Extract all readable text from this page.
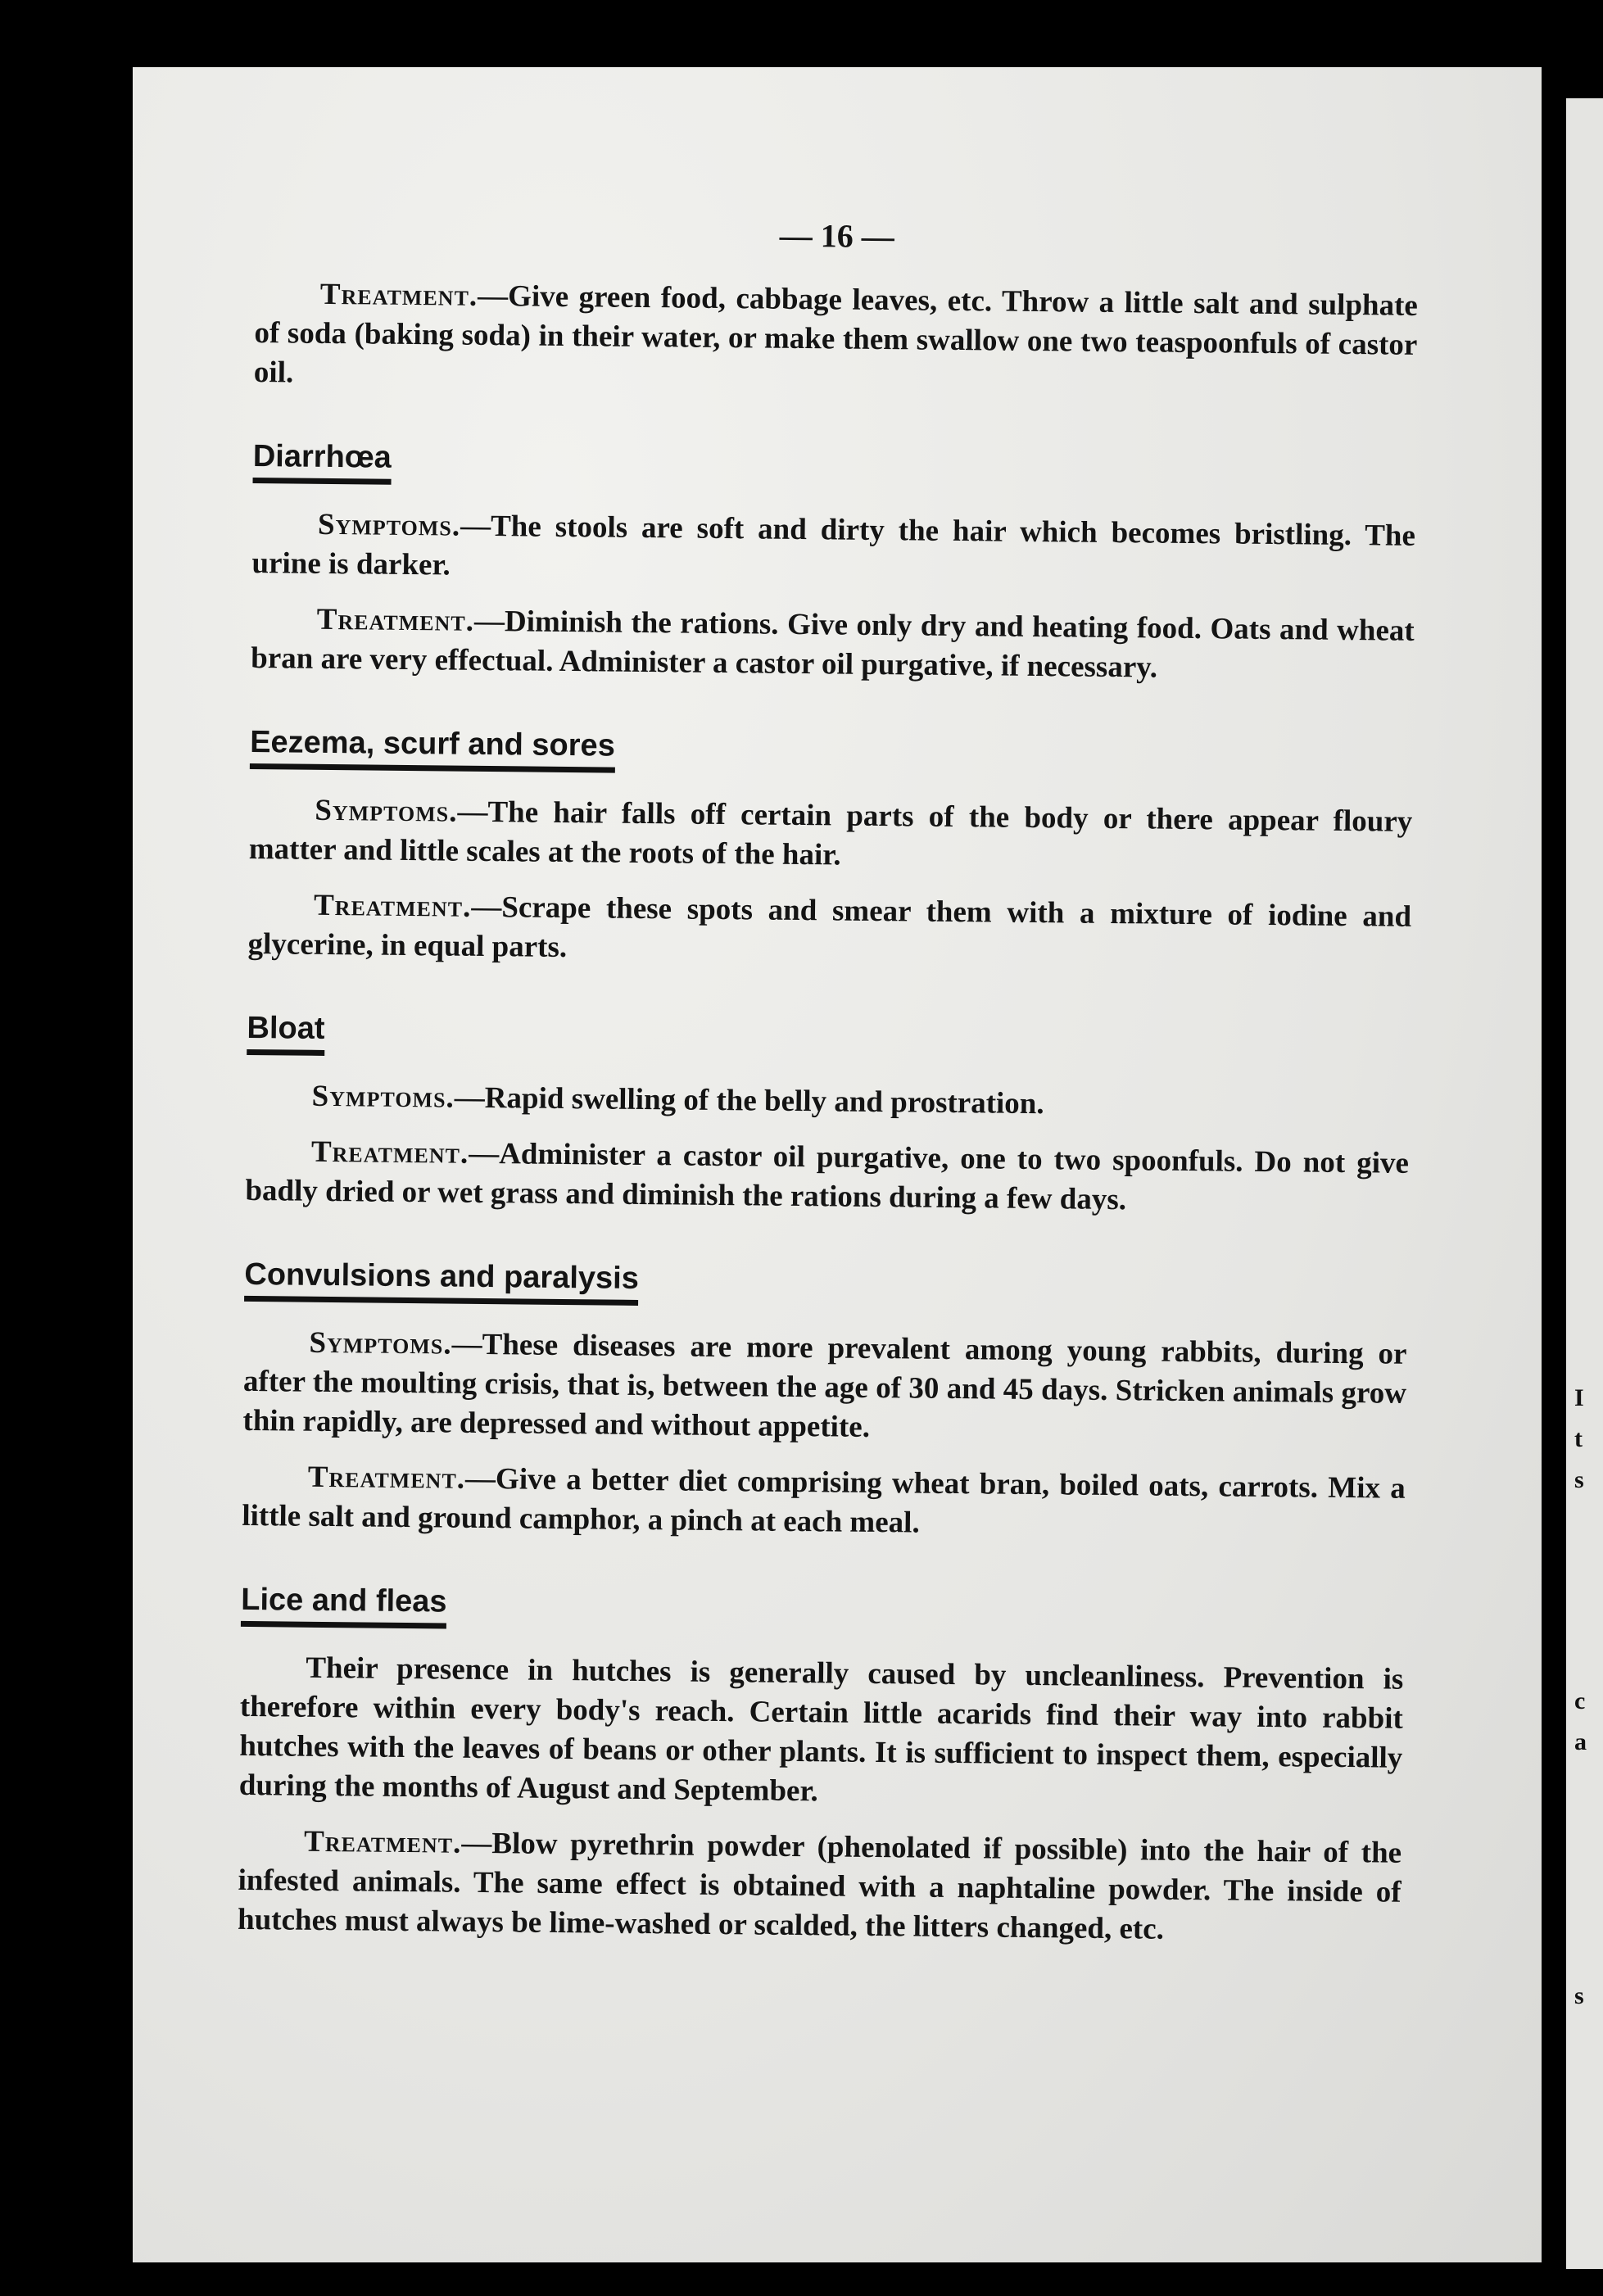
— 16 —

Treatment.—Give green food, cabbage leaves, etc. Throw a little salt and sulphate of soda (baking soda) in their water, or make them swallow one two teaspoonfuls of castor oil.

Diarrhœa

Symptoms.—The stools are soft and dirty the hair which becomes bristling. The urine is darker.

Treatment.—Diminish the rations. Give only dry and heating food. Oats and wheat bran are very effectual. Administer a castor oil purgative, if necessary.

Eezema, scurf and sores

Symptoms.—The hair falls off certain parts of the body or there appear floury matter and little scales at the roots of the hair.

Treatment.—Scrape these spots and smear them with a mixture of iodine and glycerine, in equal parts.

Bloat

Symptoms.—Rapid swelling of the belly and prostration.

Treatment.—Administer a castor oil purgative, one to two spoonfuls. Do not give badly dried or wet grass and diminish the rations during a few days.

Convulsions and paralysis

Symptoms.—These diseases are more prevalent among young rabbits, during or after the moulting crisis, that is, between the age of 30 and 45 days. Stricken animals grow thin rapidly, are depressed and without appetite.

Treatment.—Give a better diet comprising wheat bran, boiled oats, carrots. Mix a little salt and ground camphor, a pinch at each meal.

Lice and fleas

Their presence in hutches is generally caused by uncleanliness. Prevention is therefore within every body's reach. Certain little acarids find their way into rabbit hutches with the leaves of beans or other plants. It is sufficient to inspect them, especially during the months of August and September.

Treatment.—Blow pyrethrin powder (phenolated if possible) into the hair of the infested animals. The same effect is obtained with a naphtaline powder. The inside of hutches must always be lime-washed or scalded, the litters changed, etc.

I
t
s
c
a
s
